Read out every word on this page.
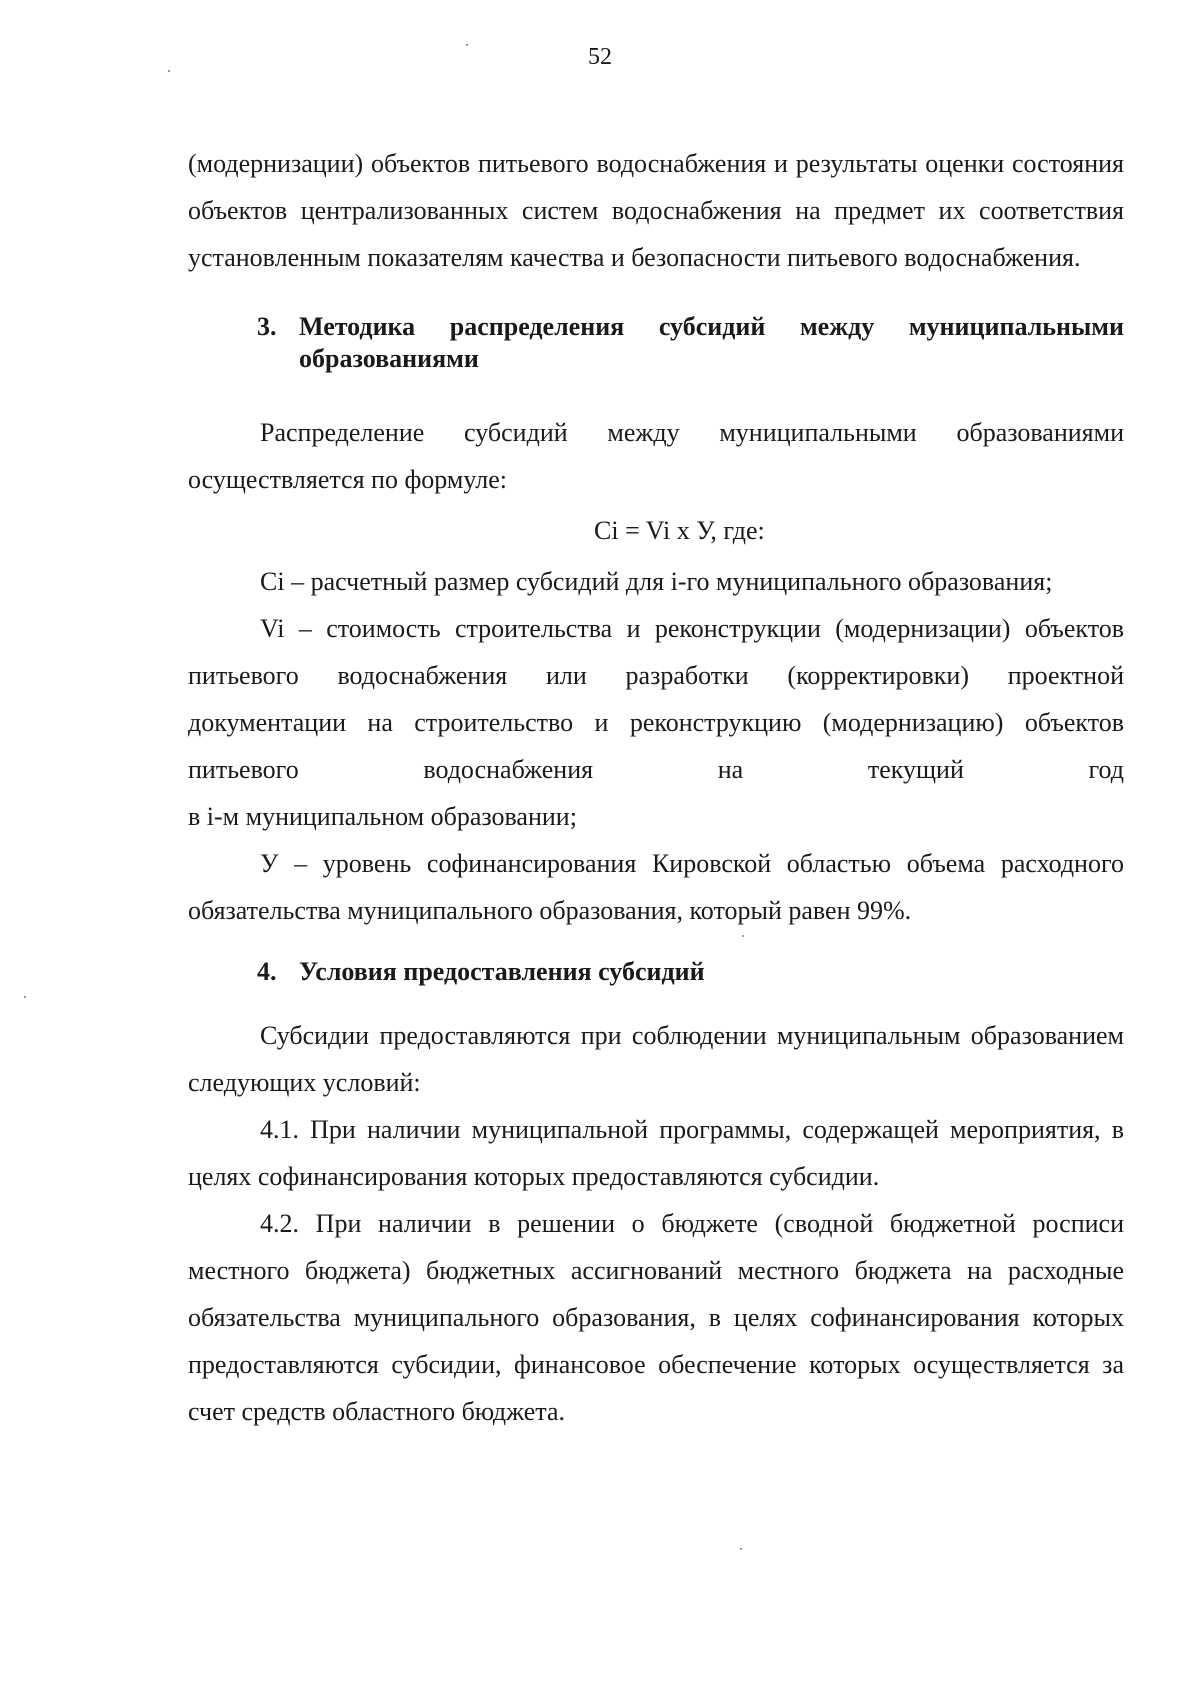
52

(модернизации) объектов питьевого водоснабжения и результаты оценки состояния объектов централизованных систем водоснабжения на предмет их соответствия установленным показателям качества и безопасности питьевого водоснабжения.

3. Методика распределения субсидий между муниципальными образованиями

Распределение субсидий между муниципальными образованиями осуществляется по формуле:

Ci = Vi x У, где:

Ci – расчетный размер субсидий для i-го муниципального образования;

Vi – стоимость строительства и реконструкции (модернизации) объектов питьевого водоснабжения или разработки (корректировки) проектной документации на строительство и реконструкцию (модернизацию) объектов питьевого водоснабжения на текущий год

в i-м муниципальном образовании;

У – уровень софинансирования Кировской областью объема расходного обязательства муниципального образования, который равен 99%.

4. Условия предоставления субсидий

Субсидии предоставляются при соблюдении муниципальным образованием следующих условий:

4.1. При наличии муниципальной программы, содержащей мероприятия, в целях софинансирования которых предоставляются субсидии.

4.2. При наличии в решении о бюджете (сводной бюджетной росписи местного бюджета) бюджетных ассигнований местного бюджета на расходные обязательства муниципального образования, в целях софинансирования которых предоставляются субсидии, финансовое обеспечение которых осуществляется за счет средств областного бюджета.
